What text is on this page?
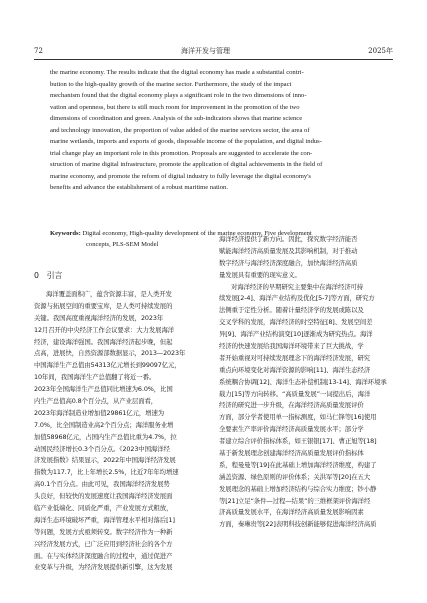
72	海洋开发与管理	2025年
the marine economy. The results indicate that the digital economy has made a substantial contri-
bution to the high-quality growth of the marine sector. Furthermore, the study of the impact
mechanism found that the digital economy plays a significant role in the two dimensions of inno-
vation and openness, but there is still much room for improvement in the promotion of the two
dimensions of coordination and green. Analysis of the sub-indicators shows that marine science
and technology innovation, the proportion of value added of the marine services sector, the area of
marine wetlands, imports and exports of goods, disposable income of the population, and digital indus-
trial change play an important role in this promotion. Proposals are suggested to accelerate the con-
struction of marine digital infrastructure, promote the application of digital achievements in the field of
marine economy, and promote the reform of digital industry to fully leverage the digital economy's
benefits and advance the establishment of a robust maritime nation.
Keywords: Digital economy, High-quality development of the marine economy, Five development
concepts, PLS-SEM Model
0　引言
海洋覆盖面积广，蕴含资源丰富，是人类开发
资源与拓展空间的重要宝库，是人类可持续发展的
关键。我国高度重视海洋经济的发展，2023年
12月召开的中央经济工作会议要求：大力发展海洋
经济，建设海洋强国。我国海洋经济起步晚，但起
点高，进展快，自然资源部数据显示，2013—2023年
中国海洋生产总值由54313亿元增长到99097亿元，
10年间，我国海洋生产总值翻了将近一番。
2023年全国海洋生产总值同比增速为6.0%，比国
内生产总值高0.8个百分点，从产业层面看，
2023年海洋制造业增加值29861亿元，增速为
7.0%，比全国制造业高2个百分点；海洋服务业增
加值58968亿元，占国内生产总值比重为4.7%，拉
动国民经济增长0.3个百分点。《2023中国海洋经
济发展指数》结果显示，2022年中国海洋经济发展
指数为117.7，比上年增长2.5%，比近7年年均增速
高0.1个百分点。由此可见，我国海洋经济发展势
头良好，但较快的发展速度让我国海洋经济发展面
临产业低端化、同质化严重，产业发展方式粗放，
海洋生态环境破坏严重，海洋管理水平相对落后[1]
等问题，发展方式亟须转变。数字经济作为一种新
兴经济发展方式，已广泛应用到经济社会的各个方
面。在与实体经济深度融合的过程中，通过促进产
业变革与升级，为经济发展提供新引擎，这为发展
海洋经济提供了新方向。因此，探究数字经济能否
赋能海洋经济高质量发展及其影响机制，对于推动
数字经济与海洋经济深度融合，加快海洋经济高质
量发展具有重要的现实意义。
对海洋经济的早期研究主要集中在海洋经济可持
续发展[2-4]、海洋产业结构及优化[5-7]等方面，研究方
法侧重于定性分析。随着计量经济学的发展或陈以及
交叉学科的发展，海洋经济的时空特征[8]、发展空间差
异[9]、海洋产业结构演变[10]逐渐成为研究热点。海洋
经济的快速发展给我国海洋环境带来了巨大挑战，学
者开始重视对可持续发展理念下的海洋经济发展，研究
重点向环境变化对海洋资源的影响[11]、海洋生态经济
系统耦合协调[12]、海洋生态补偿机制[13-14]、海洋环境承
载力[15]等方向转移。“高质量发展”一词提出后，海洋
经济的研究进一步升级，在海洋经济高质量发展评价
方面，部分学者使用单一指标测度，如马仁锋等[16]使用
全要素生产率评价海洋经济高质量发展水平；部分学
者建立综合评价指标体系，如王银银[17]、曹正旭等[18]
基于新发展理念创建海洋经济高质量发展评价指标体
系，程曼曼等[19]在此基础上增加海洋经济维度，构建了
涵盖资源、绿色原则的评价体系；关洪军等[20]在五大
发展理念的基础上增加经济结构与综合实力维度；钞小静
等[21]立足“条件—过程—结果”的三维框架评价海洋经
济高质量发展水平，在海洋经济高质量发展影响因素
方面，秦琳贵等[22]表明科技创新能够促进海洋经济高质
